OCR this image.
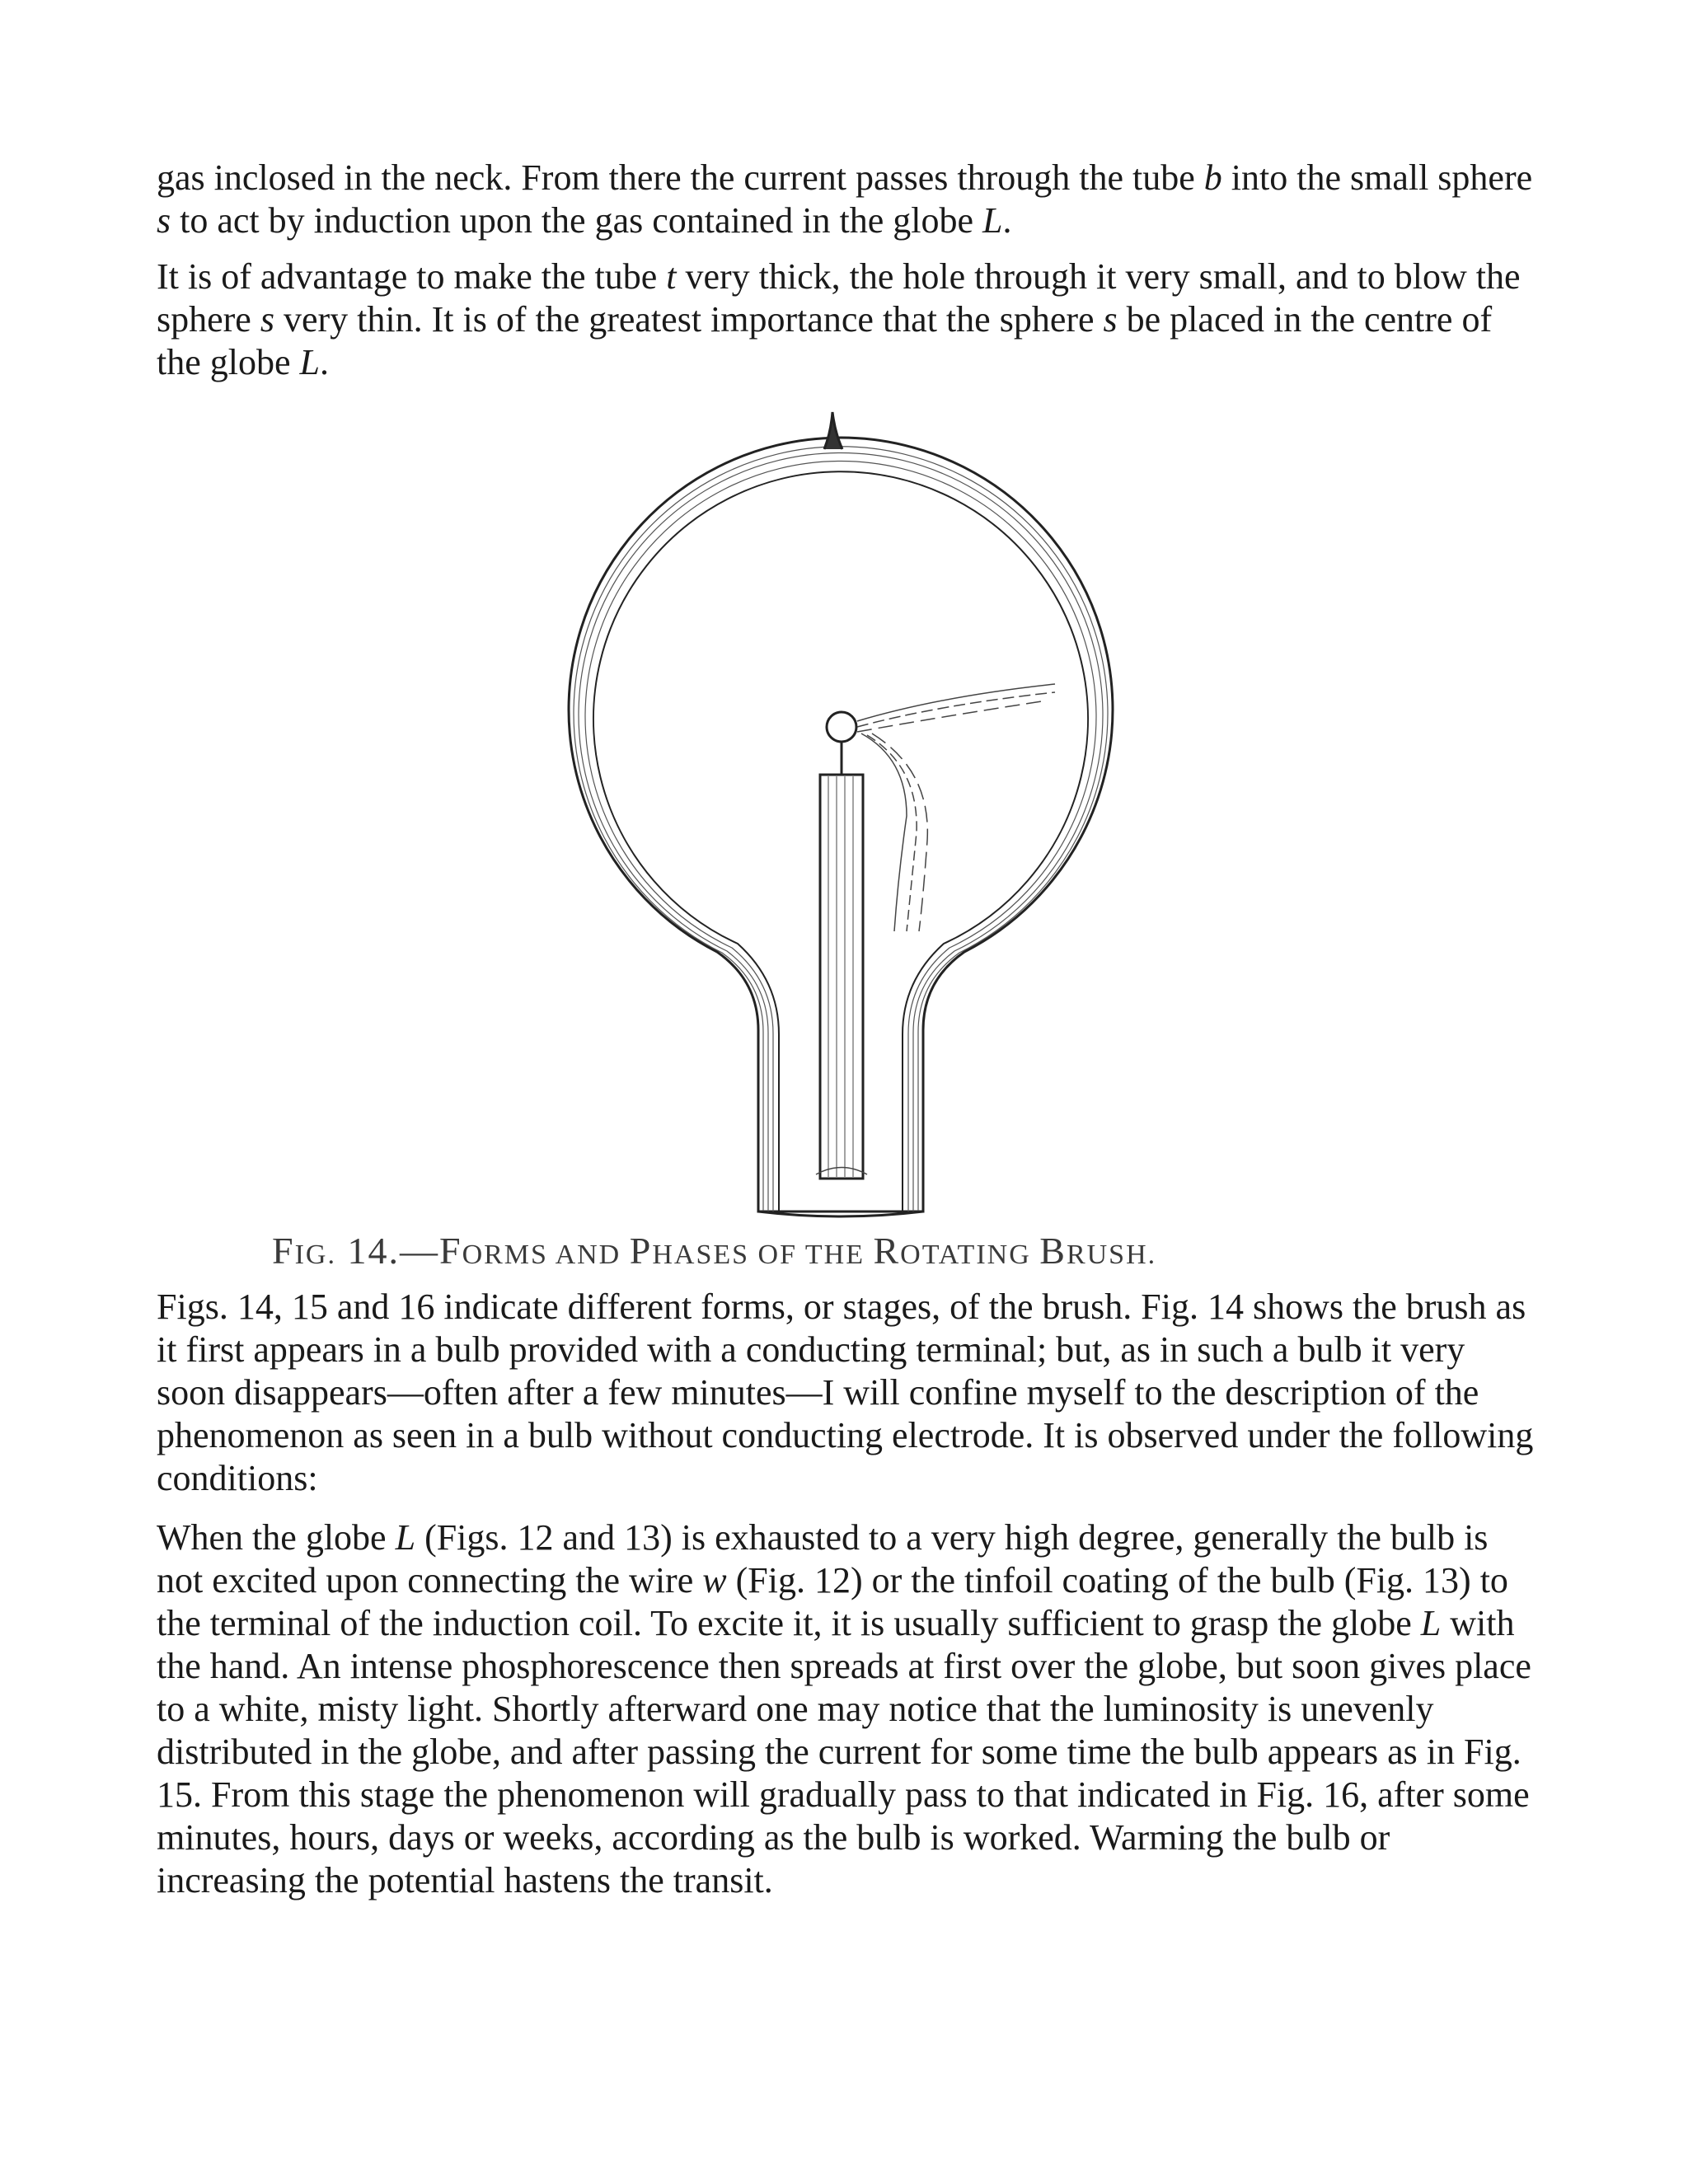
gas inclosed in the neck. From there the current passes through the tube b into the small sphere s to act by induction upon the gas contained in the globe L.

It is of advantage to make the tube t very thick, the hole through it very small, and to blow the sphere s very thin. It is of the greatest importance that the sphere s be placed in the centre of the globe L.

FIG. 14.—FORMS AND PHASES OF THE ROTATING BRUSH.

Figs. 14, 15 and 16 indicate different forms, or stages, of the brush. Fig. 14 shows the brush as it first appears in a bulb provided with a conducting terminal; but, as in such a bulb it very soon disappears—often after a few minutes—I will confine myself to the description of the phenomenon as seen in a bulb without conducting electrode. It is observed under the following conditions:

When the globe L (Figs. 12 and 13) is exhausted to a very high degree, generally the bulb is not excited upon connecting the wire w (Fig. 12) or the tinfoil coating of the bulb (Fig. 13) to the terminal of the induction coil. To excite it, it is usually sufficient to grasp the globe L with the hand. An intense phosphorescence then spreads at first over the globe, but soon gives place to a white, misty light. Shortly afterward one may notice that the luminosity is unevenly distributed in the globe, and after passing the current for some time the bulb appears as in Fig. 15. From this stage the phenomenon will gradually pass to that indicated in Fig. 16, after some minutes, hours, days or weeks, according as the bulb is worked. Warming the bulb or increasing the potential hastens the transit.
